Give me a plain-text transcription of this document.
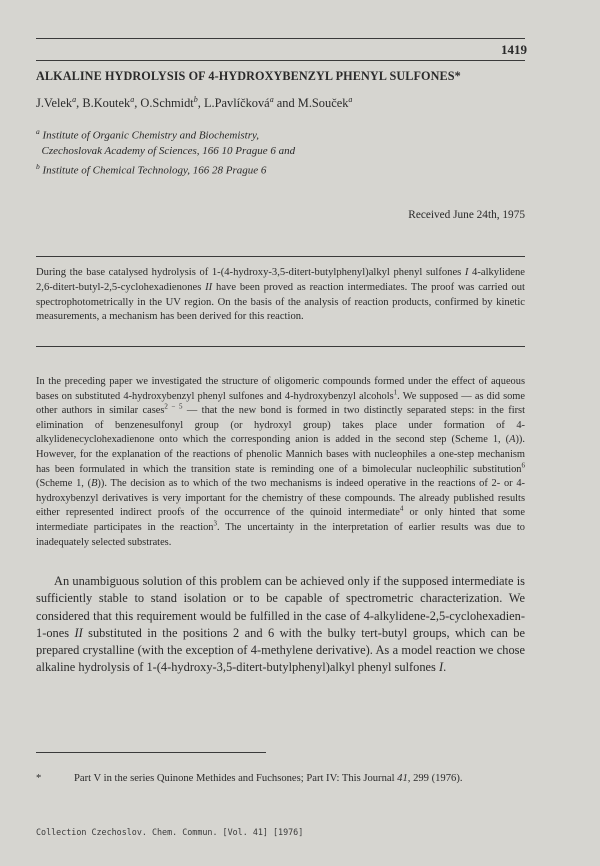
1419
ALKALINE HYDROLYSIS OF 4-HYDROXYBENZYL PHENYL SULFONES*
J.Velek$^a$, B.Koutek$^a$, O.Schmidt$^b$, L.Pavlíčková$^a$ and M.Souček$^a$
$^a$ Institute of Organic Chemistry and Biochemistry,
Czechoslovak Academy of Sciences, 166 10 Prague 6 and
$^b$ Institute of Chemical Technology, 166 28 Prague 6
Received June 24th, 1975
During the base catalysed hydrolysis of 1-(4-hydroxy-3,5-ditert-butylphenyl)alkyl phenyl sulfones I 4-alkylidene 2,6-ditert-butyl-2,5-cyclohexadienones II have been proved as reaction intermediates. The proof was carried out spectrophotometrically in the UV region. On the basis of the analysis of reaction products, confirmed by kinetic measurements, a mechanism has been derived for this reaction.
In the preceding paper we investigated the structure of oligomeric compounds formed under the effect of aqueous bases on substituted 4-hydroxybenzyl phenyl sulfones and 4-hydroxybenzyl alcohols$^1$. We supposed — as did some other authors in similar cases$^{2 - 5}$ — that the new bond is formed in two distinctly separated steps: in the first elimination of benzenesulfonyl group (or hydroxyl group) takes place under formation of 4-alkylidenecyclohexadienone onto which the corresponding anion is added in the second step (Scheme 1, (A)). However, for the explanation of the reactions of phenolic Mannich bases with nucleophiles a one-step mechanism has been formulated in which the transition state is reminding one of a bimolecular nucleophilic substitution$^6$ (Scheme 1, (B)). The decision as to which of the two mechanisms is indeed operative in the reactions of 2- or 4-hydroxybenzyl derivatives is very important for the chemistry of these compounds. The already published results either represented indirect proofs of the occurrence of the quinoid intermediate$^4$ or only hinted that some intermediate participates in the reaction$^3$. The uncertainty in the interpretation of earlier results was due to inadequately selected substrates.
An unambiguous solution of this problem can be achieved only if the supposed intermediate is sufficiently stable to stand isolation or to be capable of spectrometric characterization. We considered that this requirement would be fulfilled in the case of 4-alkylidene-2,5-cyclohexadien-1-ones II substituted in the positions 2 and 6 with the bulky tert-butyl groups, which can be prepared crystalline (with the exception of 4-methylene derivative). As a model reaction we chose alkaline hydrolysis of 1-(4-hydroxy-3,5-ditert-butylphenyl)alkyl phenyl sulfones I.
*	Part V in the series Quinone Methides and Fuchsones; Part IV: This Journal 41, 299 (1976).
Collection Czechoslov. Chem. Commun. [Vol. 41] [1976]
